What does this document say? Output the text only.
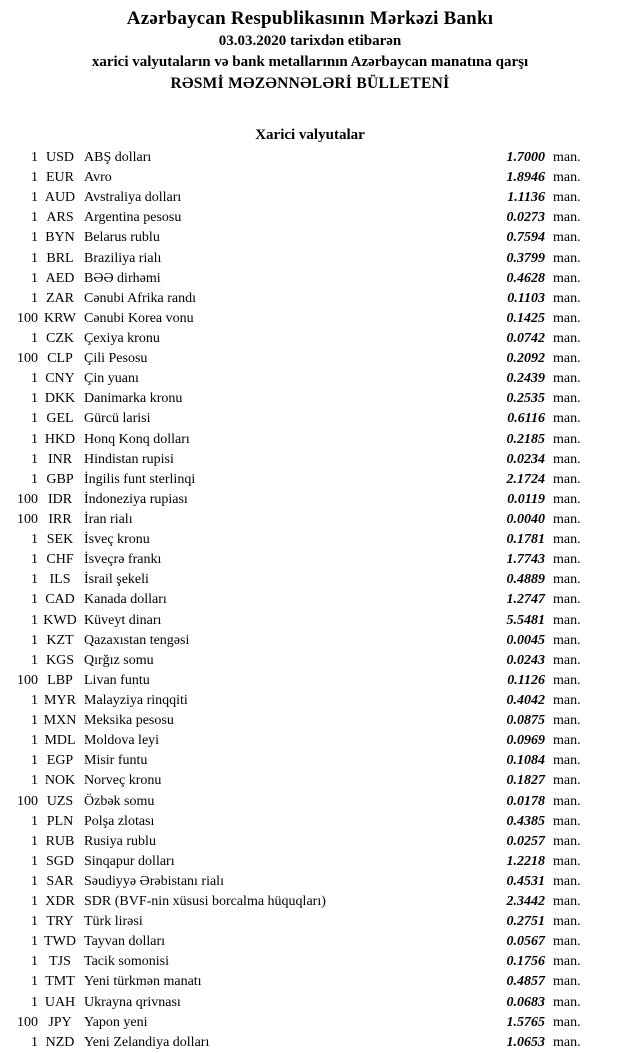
Azərbaycan Respublikasının Mərkəzi Bankı
03.03.2020 tarixdən etibarən
xarici valyutaların və bank metallarının Azərbaycan manatına qarşı
RƏSMİ MƏZƏNNƏLƏRİ BÜLLETENİ
Xarici valyutalar
1 USD ABŞ dolları	1.7000 man.
1 EUR Avro	1.8946 man.
1 AUD Avstraliya dolları	1.1136 man.
1 ARS Argentina pesosu	0.0273 man.
1 BYN Belarus rublu	0.7594 man.
1 BRL Braziliya rialı	0.3799 man.
1 AED BƏƏ dirhəmi	0.4628 man.
1 ZAR Cənubi Afrika randı	0.1103 man.
100 KRW Cənubi Korea vonu	0.1425 man.
1 CZK Çexiya kronu	0.0742 man.
100 CLP Çili Pesosu	0.2092 man.
1 CNY Çin yuanı	0.2439 man.
1 DKK Danimarka kronu	0.2535 man.
1 GEL Gürcü larisi	0.6116 man.
1 HKD Honq Konq dolları	0.2185 man.
1 INR Hindistan rupisi	0.0234 man.
1 GBP İngilis funt sterlinqi	2.1724 man.
100 IDR İndoneziya rupiası	0.0119 man.
100 IRR İran rialı	0.0040 man.
1 SEK İsveç kronu	0.1781 man.
1 CHF İsveçrə frankı	1.7743 man.
1 ILS İsrail şekeli	0.4889 man.
1 CAD Kanada dolları	1.2747 man.
1 KWD Küveyt dinarı	5.5481 man.
1 KZT Qazaxıstan tengəsi	0.0045 man.
1 KGS Qırğız somu	0.0243 man.
100 LBP Livan funtu	0.1126 man.
1 MYR Malayziya rinqqiti	0.4042 man.
1 MXN Meksika pesosu	0.0875 man.
1 MDL Moldova leyi	0.0969 man.
1 EGP Misir funtu	0.1084 man.
1 NOK Norveç kronu	0.1827 man.
100 UZS Özbək somu	0.0178 man.
1 PLN Polşa zlotası	0.4385 man.
1 RUB Rusiya rublu	0.0257 man.
1 SGD Sinqapur dolları	1.2218 man.
1 SAR Səudiyyə Ərəbistanı rialı	0.4531 man.
1 XDR SDR (BVF-nin xüsusi borcalma hüquqları)	2.3442 man.
1 TRY Türk lirəsi	0.2751 man.
1 TWD Tayvan dolları	0.0567 man.
1 TJS Tacik somonisi	0.1756 man.
1 TMT Yeni türkmən manatı	0.4857 man.
1 UAH Ukrayna qrivnası	0.0683 man.
100 JPY Yapon yeni	1.5765 man.
1 NZD Yeni Zelandiya dolları	1.0653 man.
